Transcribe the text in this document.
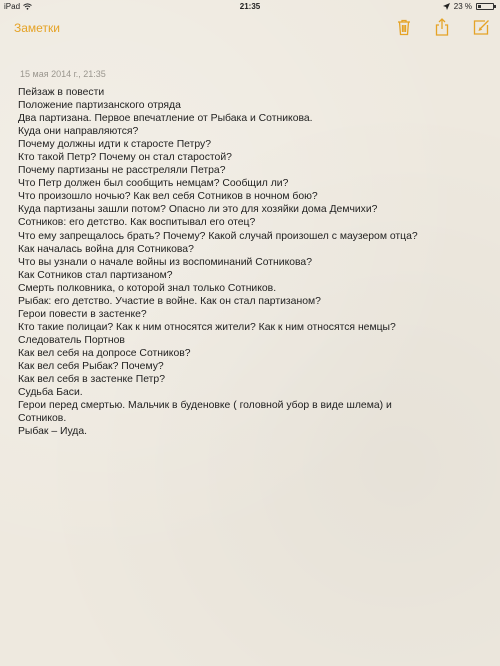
iPad	21:35	23 %
Заметки
15 мая 2014 г., 21:35
Пейзаж в повести
Положение партизанского отряда
Два партизана. Первое впечатление от Рыбака и Сотникова.
Куда они направляются?
Почему должны идти к старосте Петру?
Кто такой Петр? Почему он стал старостой?
Почему партизаны не расстреляли Петра?
Что Петр должен был сообщить немцам? Сообщил ли?
Что произошло ночью? Как вел себя Сотников в ночном бою?
Куда партизаны зашли потом? Опасно ли это для хозяйки дома Демчихи?
Сотников: его детство. Как воспитывал его отец?
Что ему запрещалось брать? Почему? Какой случай произошел с маузером отца?
Как началась война для Сотникова?
Что вы узнали о начале войны из воспоминаний Сотникова?
Как Сотников стал партизаном?
Смерть полковника, о которой знал только Сотников.
Рыбак: его детство. Участие в войне. Как он стал партизаном?
Герои повести в застенке?
Кто такие полицаи? Как к ним относятся жители? Как к ним относятся немцы?
Следователь Портнов
Как вел себя на допросе Сотников?
Как вел себя Рыбак? Почему?
Как вел себя в застенке Петр?
Судьба Баси.
Герои перед смертью. Мальчик в буденовке ( головной убор в виде шлема) и
Сотников.
Рыбак – Иуда.
